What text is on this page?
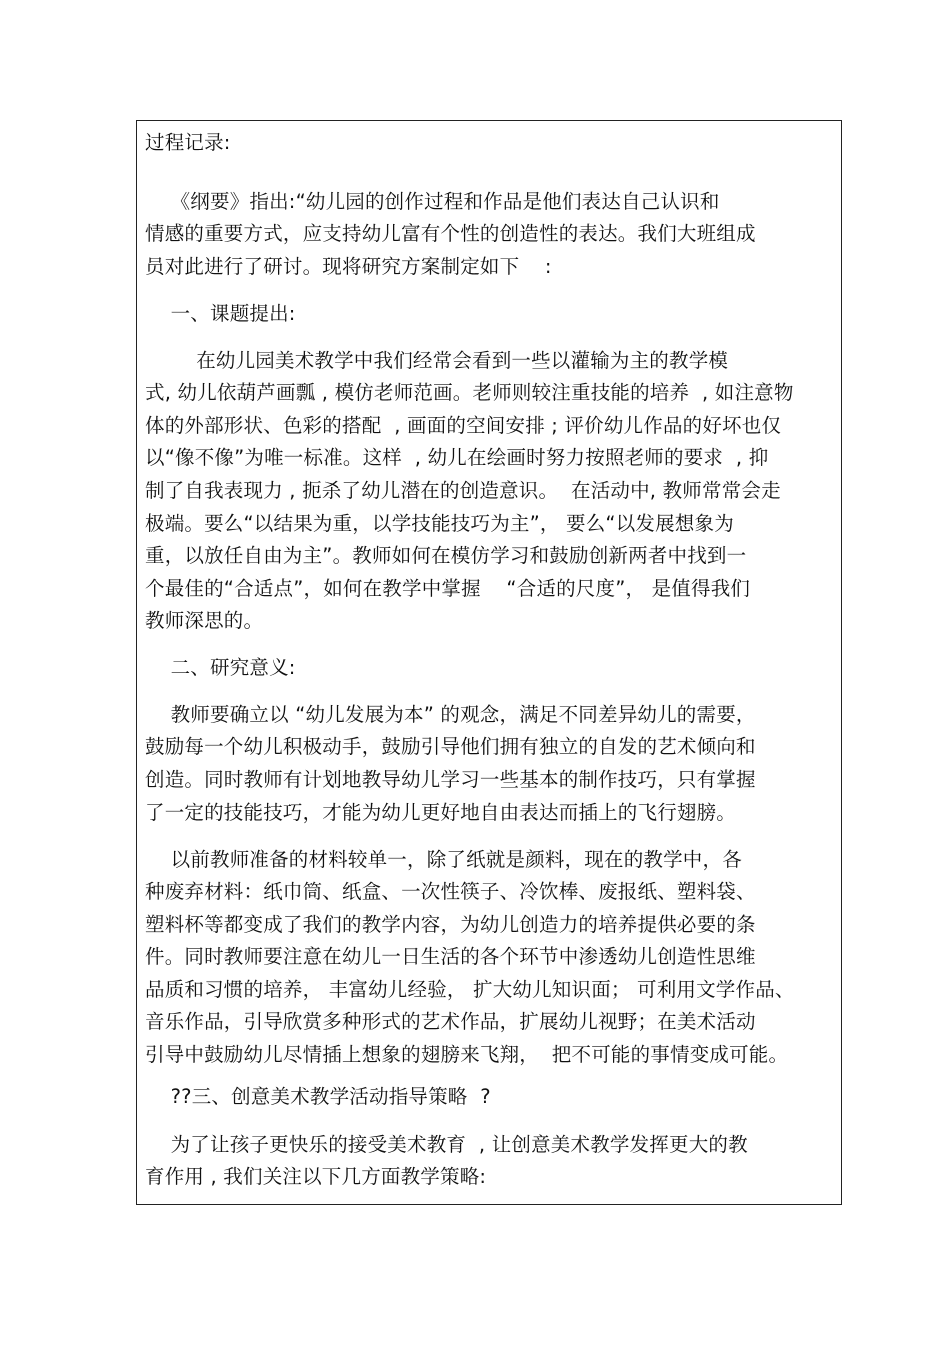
过程记录:

《纲要》指出:“幼儿园的创作过程和作品是他们表达自己认识和

情感的重要方式，应支持幼儿富有个性的创造性的表达。我们大班组成

员对此进行了研讨。现将研究方案制定如下    :

一、课题提出:

在幼儿园美术教学中我们经常会看到一些以灌输为主的教学模

式, 幼儿依葫芦画瓢 , 模仿老师范画。老师则较注重技能的培养  , 如注意物

体的外部形状、色彩的搭配  , 画面的空间安排 ; 评价幼儿作品的好坏也仅

以“像不像”为唯一标准。这样  , 幼儿在绘画时努力按照老师的要求  , 抑

制了自我表现力 , 扼杀了幼儿潜在的创造意识。  在活动中, 教师常常会走

极端。要么“以结果为重，以学技能技巧为主”， 要么“以发展想象为

重，以放任自由为主”。教师如何在模仿学习和鼓励创新两者中找到一

个最佳的“合适点”，如何在教学中掌握    “合适的尺度”， 是值得我们

教师深思的。

二、研究意义:

教师要确立以 “幼儿发展为本” 的观念，满足不同差异幼儿的需要，

鼓励每一个幼儿积极动手，鼓励引导他们拥有独立的自发的艺术倾向和

创造。同时教师有计划地教导幼儿学习一些基本的制作技巧，只有掌握

了一定的技能技巧，才能为幼儿更好地自由表达而插上的飞行翅膀。

以前教师准备的材料较单一，除了纸就是颜料，现在的教学中，各

种废弃材料：纸巾筒、纸盒、一次性筷子、冷饮棒、废报纸、塑料袋、

塑料杯等都变成了我们的教学内容，为幼儿创造力的培养提供必要的条

件。同时教师要注意在幼儿一日生活的各个环节中渗透幼儿创造性思维

品质和习惯的培养， 丰富幼儿经验， 扩大幼儿知识面； 可利用文学作品、

音乐作品，引导欣赏多种形式的艺术作品，扩展幼儿视野；在美术活动

引导中鼓励幼儿尽情插上想象的翅膀来飞翔，  把不可能的事情变成可能。

??三、创意美术教学活动指导策略  ?

为了让孩子更快乐的接受美术教育  , 让创意美术教学发挥更大的教

育作用 , 我们关注以下几方面教学策略:
